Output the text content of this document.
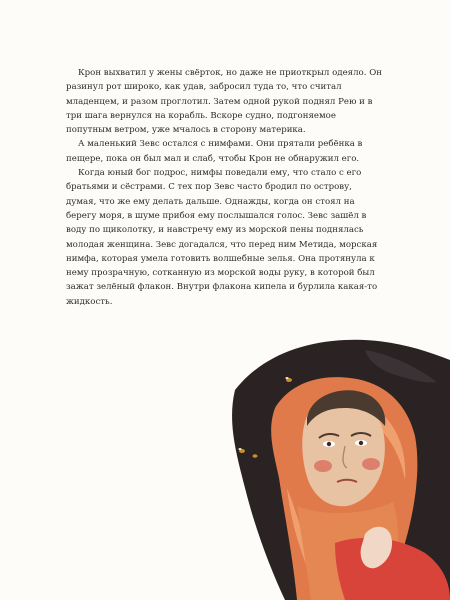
Крон выхватил у жены свёрток, но даже не приоткрыл одеяло. Он разинул рот широко, как удав, забросил туда то, что считал младенцем, и разом проглотил. Затем одной рукой поднял Рею и в три шага вернулся на корабль. Вскоре судно, подгоняемое попутным ветром, уже мчалось в сторону материка.

А маленький Зевс остался с нимфами. Они прятали ребёнка в пещере, пока он был мал и слаб, чтобы Крон не обнаружил его.

Когда юный бог подрос, нимфы поведали ему, что стало с его братьями и сёстрами. С тех пор Зевс часто бродил по острову, думая, что же ему делать дальше. Однажды, когда он стоял на берегу моря, в шуме прибоя ему послышался голос. Зевс зашёл в воду по щиколотку, и навстречу ему из морской пены поднялась молодая женщина. Зевс догадался, что перед ним Метида, морская нимфа, которая умела готовить волшебные зелья. Она протянула к нему прозрачную, сотканную из морской воды руку, в которой был зажат зелёный флакон. Внутри флакона кипела и бурлила какая-то жидкость.
